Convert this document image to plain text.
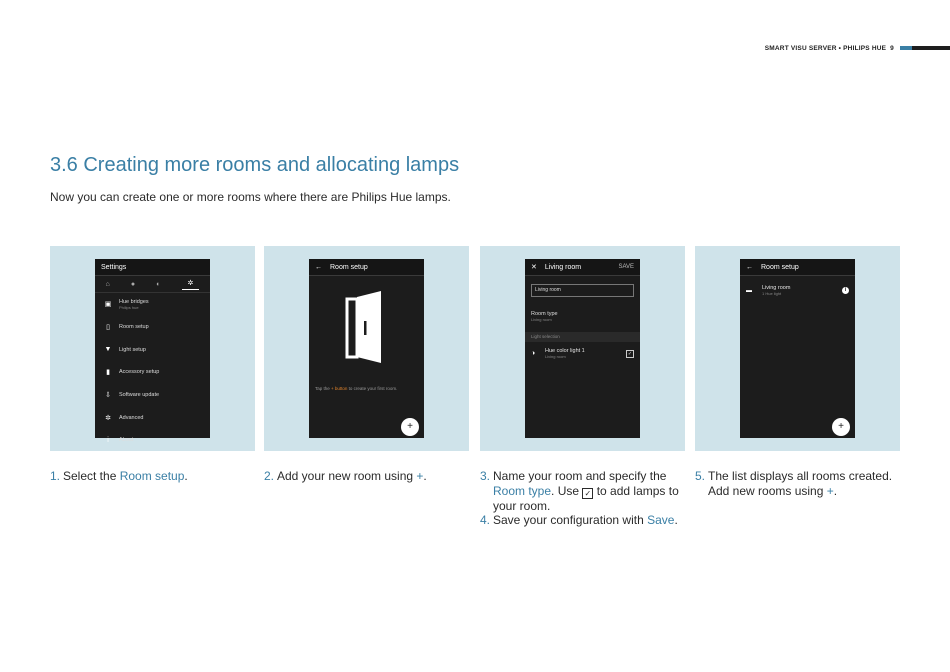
SMART VISU SERVER • PHILIPS HUE 9
3.6 Creating more rooms and allocating lamps
Now you can create one or more rooms where there are Philips Hue lamps.
Settings
⌂	●	◐	✲
▣	Hue bridges
Philips hue
▯	Room setup
▼ Light setup
▮	Accessory setup
⇩	Software update
✲	Advanced
i	About
← Room setup
Tap the + button to create your first room.
+
✕ Living room	SAVE
Living room
Room type
Living room
Light selection
◑	Hue color light 1
Living room	✓
← Room setup
▬	Living room
1 Hue light
i
+
1. Select the Room setup.	2. Add your new room using +.	3. Name your room and specify the
Room type. Use ✓ to add lamps to
your room.
4. Save your configuration with Save.
5. The list displays all rooms created.
Add new rooms using +.
